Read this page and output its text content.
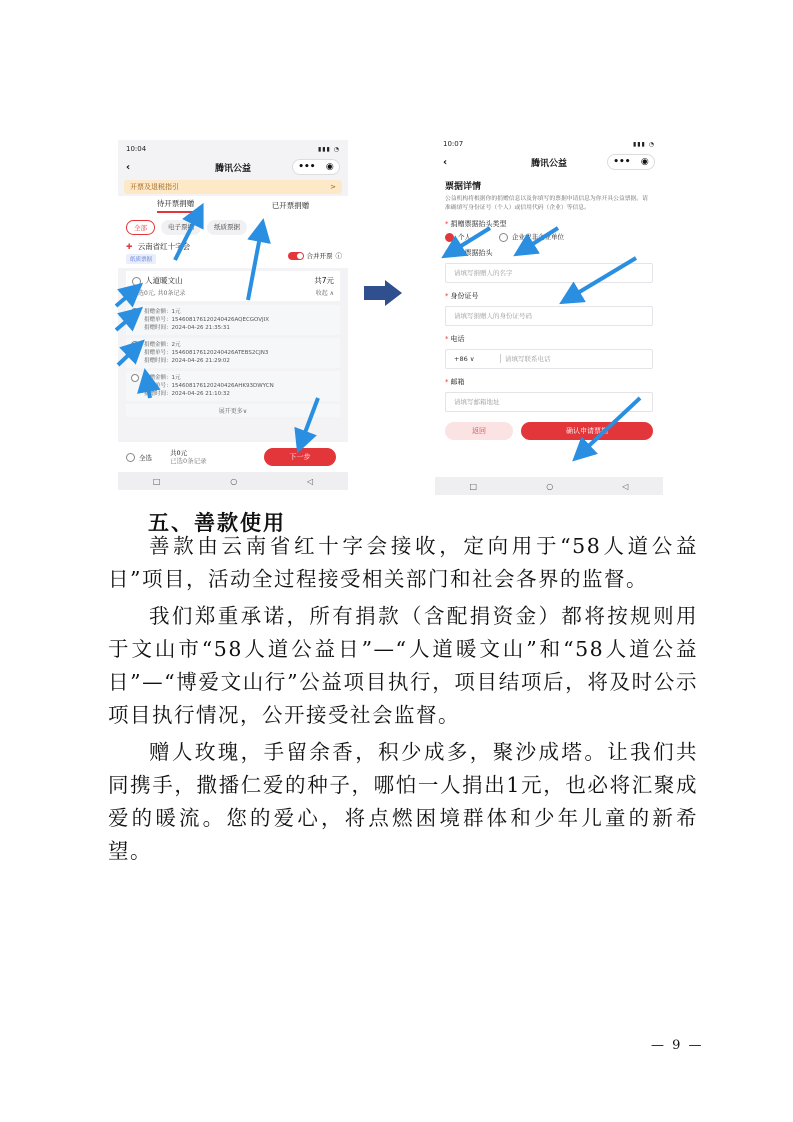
10:04	▮▮▮ ◔
‹	腾讯公益	••• ◉
开票及退税指引	>
待开票捐赠	已开票捐赠
全部	电子票据	纸质票据
✚ 云南省红十字会
纸质票据	合并开票 ⓘ
人道暖文山	共7元
已选0元, 共0条记录	收起 ∧
捐赠金额：1元
捐赠单号：15460817612024042​6AQECGOVJIX
捐赠时间：2024-04-26 21:35:31
捐赠金额：2元
捐赠单号：1546081761202404​26ATEBS2CJN3
捐赠时间：2024-04-26 21:29:02
捐赠金额：1元
捐赠单号：154608176120240​426AHK93DWYCN
捐赠时间：2024-04-26 21:10:32
展开更多∨
全选
共0元
已选0条记录	下一步
□	○	◁
10:07	▮▮▮ ◔
‹	腾讯公益	••• ◉
票据详情
公益机构将根据你的捐赠信息以及你填写的票据申请信息为你开具公益票据。请准确填写身份证号（个人）或信用代码（企业）等信息。
* 捐赠票据抬头类型
个人	企业或非企业单位
* 捐赠票据抬头
请填写捐赠人的名字
* 身份证号
请填写捐赠人的身份证号码
* 电话
+86 ∨	请填写联系电话
* 邮箱
请填写邮箱地址
返回	确认申请票据
□	○	◁
五、善款使用

善款由云南省红十字会接收，定向用于“58人道公益日”项目，活动全过程接受相关部门和社会各界的监督。

我们郑重承诺，所有捐款（含配捐资金）都将按规则用于文山市“58人道公益日”—“人道暖文山”和“58人道公益日”—“博爱文山行”公益项目执行，项目结项后，将及时公示项目执行情况，公开接受社会监督。

赠人玫瑰，手留余香，积少成多，聚沙成塔。让我们共同携手，撒播仁爱的种子，哪怕一人捐出1元，也必将汇聚成爱的暖流。您的爱心，将点燃困境群体和少年儿童的新希望。

— 9 —
